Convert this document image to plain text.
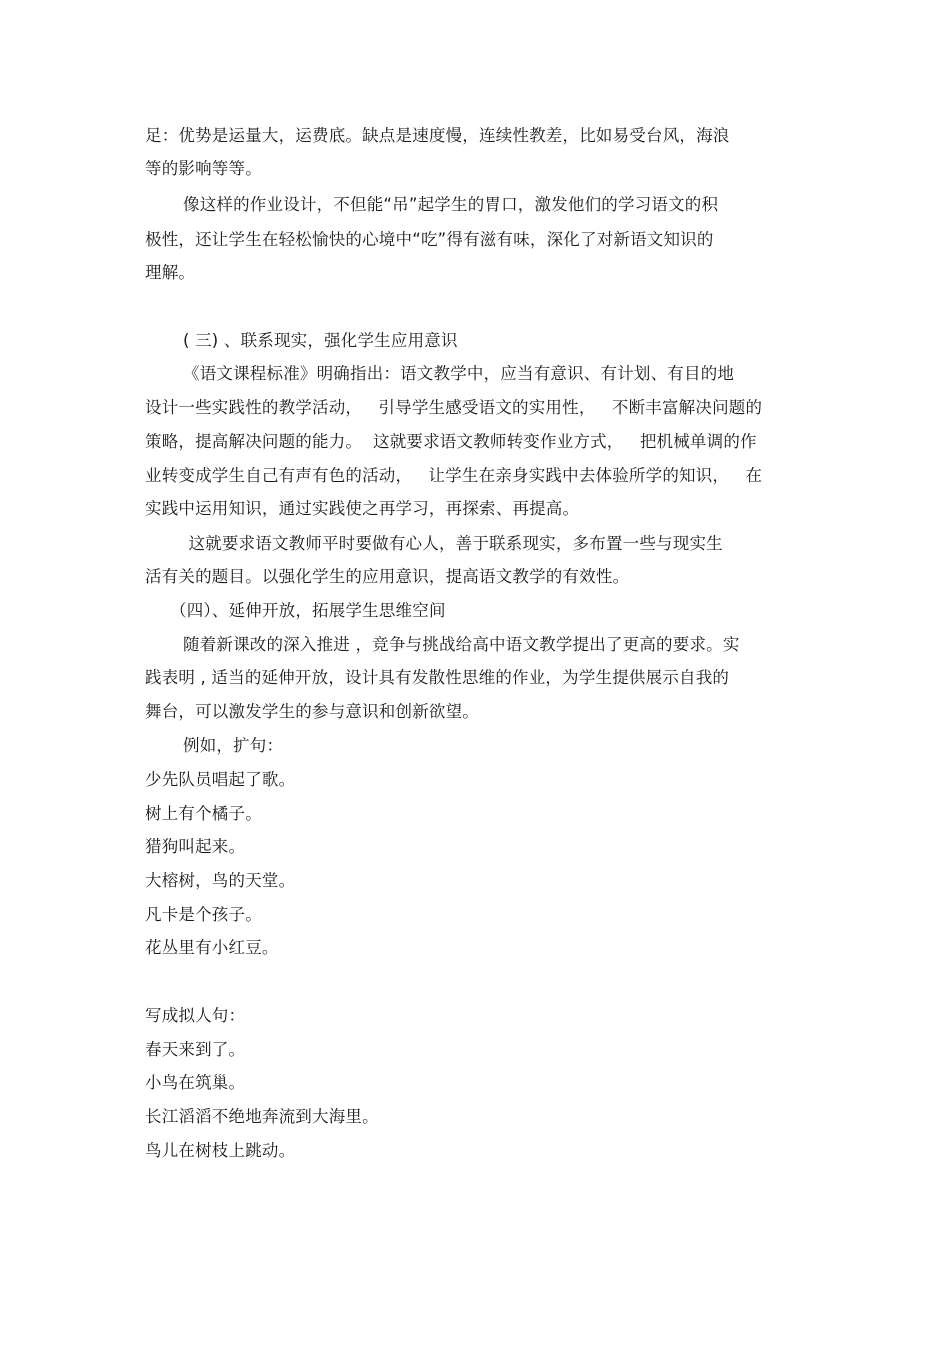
足：优势是运量大，运费底。缺点是速度慢，连续性教差，比如易受台风，海浪
等的影响等等。
像这样的作业设计，不但能“吊”起学生的胃口，激发他们的学习语文的积
极性，还让学生在轻松愉快的心境中“吃”得有滋有味，深化了对新语文知识的
理解。
( 三) 、联系现实，强化学生应用意识
《语文课程标准》明确指出：语文教学中，应当有意识、有计划、有目的地
设计一些实践性的教学活动，   引导学生感受语文的实用性，   不断丰富解决问题的
策略，提高解决问题的能力。  这就要求语文教师转变作业方式，   把机械单调的作
业转变成学生自己有声有色的活动，   让学生在亲身实践中去体验所学的知识，   在
实践中运用知识，通过实践使之再学习，再探索、再提高。
这就要求语文教师平时要做有心人，善于联系现实，多布置一些与现实生
活有关的题目。以强化学生的应用意识，提高语文教学的有效性。
（四）、延伸开放，拓展学生思维空间
随着新课改的深入推进 ，竞争与挑战给高中语文教学提出了更高的要求。实
践表明 , 适当的延伸开放，设计具有发散性思维的作业，为学生提供展示自我的
舞台，可以激发学生的参与意识和创新欲望。
例如，扩句：
少先队员唱起了歌。
树上有个橘子。
猎狗叫起来。
大榕树，鸟的天堂。
凡卡是个孩子。
花丛里有小红豆。
写成拟人句：
春天来到了。
小鸟在筑巢。
长江滔滔不绝地奔流到大海里。
鸟儿在树枝上跳动。
